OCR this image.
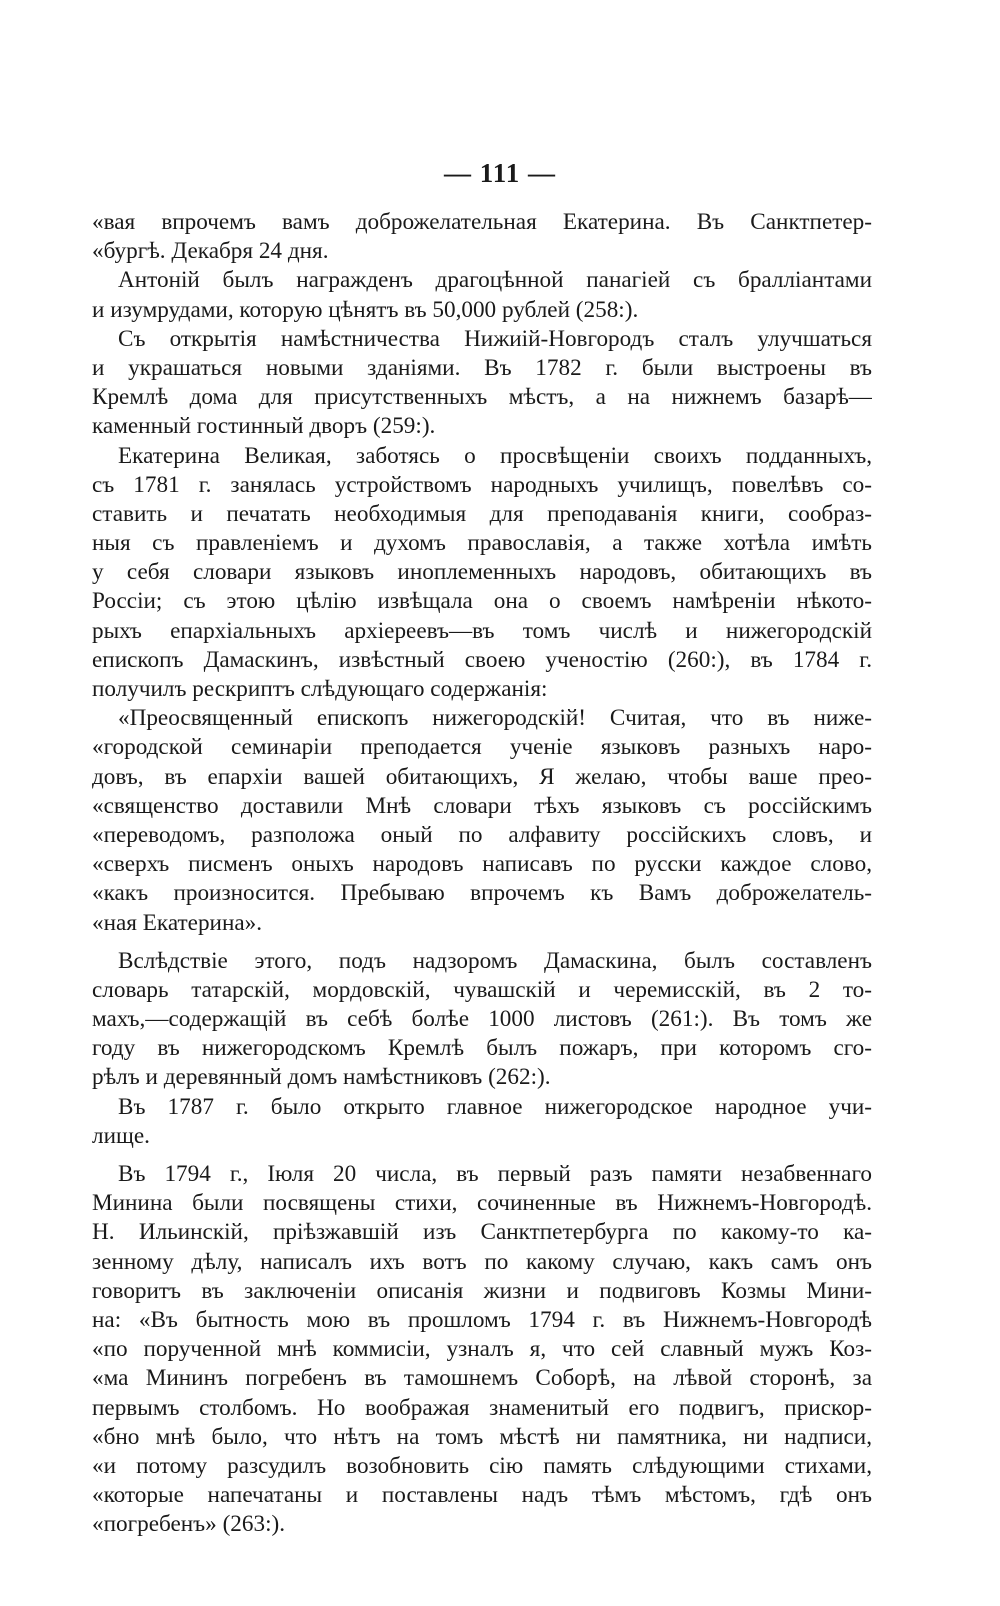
— 111 —
«вая впрочемъ вамъ доброжелательная Екатерина. Въ Санктпетер-
«бургѣ. Декабря 24 дня.
Антоній былъ награжденъ драгоцѣнной панагіей съ бралліантами
и изумрудами, которую цѣнятъ въ 50,000 рублей (258:).
Съ открытія намѣстничества Нижиій-Новгородъ сталъ улучшаться
и украшаться новыми зданіями. Въ 1782 г. были выстроены въ
Кремлѣ дома для присутственныхъ мѣстъ, а на нижнемъ базарѣ—
каменный гостинный дворъ (259:).
Екатерина Великая, заботясь о просвѣщеніи своихъ подданныхъ,
съ 1781 г. занялась устройствомъ народныхъ училищъ, повелѣвъ со-
ставить и печатать необходимыя для преподаванія книги, сообраз-
ныя съ правленіемъ и духомъ православія, а также хотѣла имѣть
у себя словари языковъ иноплеменныхъ народовъ, обитающихъ въ
Россіи; съ этою цѣлію извѣщала она о своемъ намѣреніи нѣкото-
рыхъ епархіальныхъ архіереевъ—въ томъ числѣ и нижегородскій
епископъ Дамаскинъ, извѣстный своею ученостію (260:), въ 1784 г.
получилъ рескриптъ слѣдующаго содержанія:
«Преосвященный епископъ нижегородскій! Считая, что въ ниже-
«городской семинаріи преподается ученіе языковъ разныхъ наро-
довъ, въ епархіи вашей обитающихъ, Я желаю, чтобы ваше прео-
«священство доставили Мнѣ словари тѣхъ языковъ съ россійскимъ
«переводомъ, разположа оный по алфавиту россійскихъ словъ, и
«сверхъ писменъ оныхъ народовъ написавъ по русски каждое слово,
«какъ произносится. Пребываю впрочемъ къ Вамъ доброжелатель-
«ная Екатерина».
Вслѣдствіе этого, подъ надзоромъ Дамаскина, былъ составленъ
словарь татарскій, мордовскій, чувашскій и черемисскій, въ 2 то-
махъ,—содержащій въ себѣ болѣе 1000 листовъ (261:). Въ томъ же
году въ нижегородскомъ Кремлѣ былъ пожаръ, при которомъ сго-
рѣлъ и деревянный домъ намѣстниковъ (262:).
Въ 1787 г. было открыто главное нижегородское народное учи-
лище.
Въ 1794 г., Іюля 20 числа, въ первый разъ памяти незабвеннаго
Минина были посвящены стихи, сочиненные въ Нижнемъ-Новгородѣ.
Н. Ильинскій, пріѣзжавшій изъ Санктпетербурга по какому-то ка-
зенному дѣлу, написалъ ихъ вотъ по какому случаю, какъ самъ онъ
говоритъ въ заключеніи описанія жизни и подвиговъ Козмы Мини-
на: «Въ бытность мою въ прошломъ 1794 г. въ Нижнемъ-Новгородѣ
«по порученной мнѣ коммисіи, узналъ я, что сей славный мужъ Коз-
«ма Мининъ погребенъ въ тамошнемъ Соборѣ, на лѣвой сторонѣ, за
первымъ столбомъ. Но воображая знаменитый его подвигъ, прискор-
«бно мнѣ было, что нѣтъ на томъ мѣстѣ ни памятника, ни надписи,
«и потому разсудилъ возобновить сію память слѣдующими стихами,
«которые напечатаны и поставлены надъ тѣмъ мѣстомъ, гдѣ онъ
«погребенъ» (263:).
